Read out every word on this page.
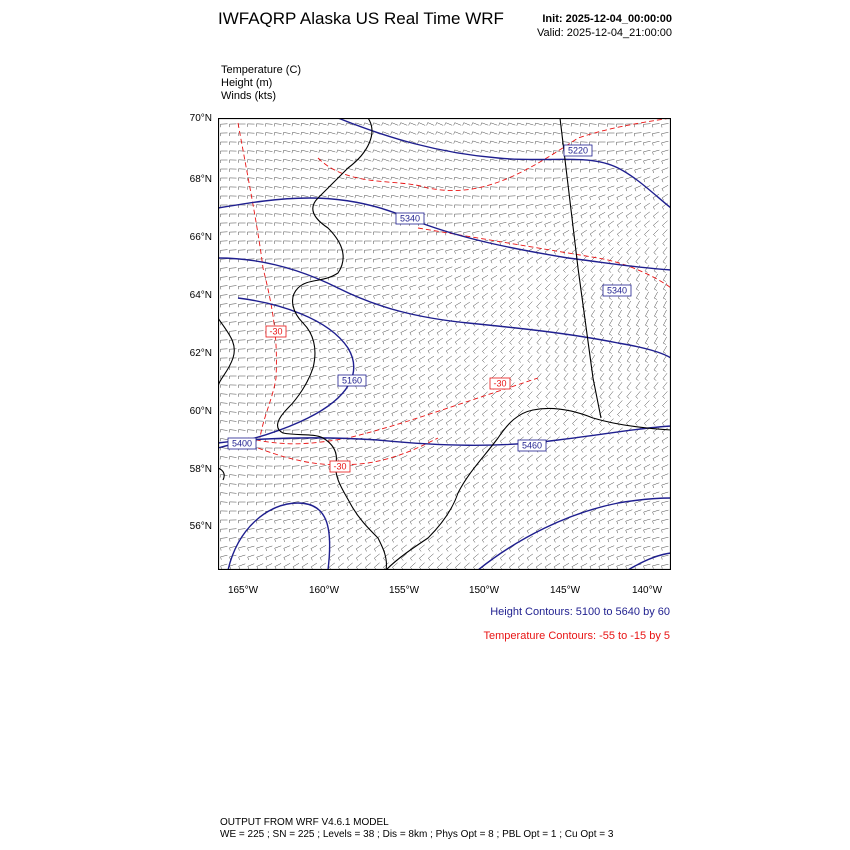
IWFAQRP Alaska US Real Time WRF	Init: 2025-12-04_00:00:00
Valid: 2025-12-04_21:00:00
Temperature (C)
Height (m)
Winds (kts)
70°N
68°N
66°N
64°N
62°N
60°N
58°N
56°N
165°W	160°W	155°W	150°W	145°W	140°W
5220
5340
5340
5160
5400	5460
-30
-30
-30
Height Contours: 5100 to 5640 by 60
Temperature Contours: -55 to -15 by 5
OUTPUT FROM WRF V4.6.1 MODEL
WE = 225 ; SN = 225 ; Levels = 38 ; Dis = 8km ; Phys Opt = 8 ; PBL Opt = 1 ; Cu Opt = 3
